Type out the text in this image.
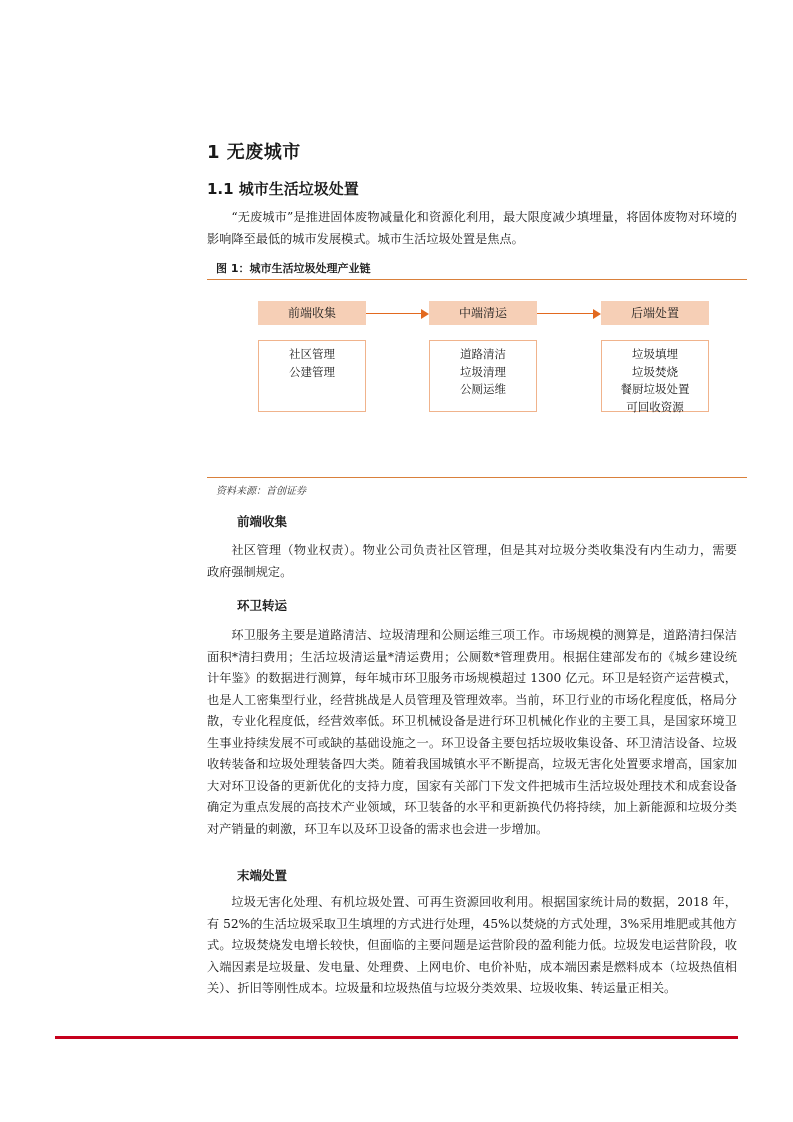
1 无废城市
1.1 城市生活垃圾处置

“无废城市”是推进固体废物减量化和资源化利用，最大限度减少填埋量，将固体废物对环境的影响降至最低的城市发展模式。城市生活垃圾处置是焦点。

图 1：城市生活垃圾处理产业链
前端收集	中端清运	后端处置
社区管理
公建管理
道路清洁
垃圾清理
公厕运维
垃圾填埋
垃圾焚烧
餐厨垃圾处置
可回收资源
资料来源：首创证券
前端收集

社区管理（物业权责）。物业公司负责社区管理，但是其对垃圾分类收集没有内生动力，需要政府强制规定。

环卫转运

环卫服务主要是道路清洁、垃圾清理和公厕运维三项工作。市场规模的测算是，道路清扫保洁面积*清扫费用；生活垃圾清运量*清运费用；公厕数*管理费用。根据住建部发布的《城乡建设统计年鉴》的数据进行测算，每年城市环卫服务市场规模超过 1300 亿元。环卫是轻资产运营模式，也是人工密集型行业，经营挑战是人员管理及管理效率。当前，环卫行业的市场化程度低，格局分散，专业化程度低，经营效率低。环卫机械设备是进行环卫机械化作业的主要工具，是国家环境卫生事业持续发展不可或缺的基础设施之一。环卫设备主要包括垃圾收集设备、环卫清洁设备、垃圾收转装备和垃圾处理装备四大类。随着我国城镇水平不断提高，垃圾无害化处置要求增高，国家加大对环卫设备的更新优化的支持力度，国家有关部门下发文件把城市生活垃圾处理技术和成套设备确定为重点发展的高技术产业领域，环卫装备的水平和更新换代仍将持续，加上新能源和垃圾分类对产销量的刺激，环卫车以及环卫设备的需求也会进一步增加。

末端处置

垃圾无害化处理、有机垃圾处置、可再生资源回收利用。根据国家统计局的数据，2018 年，有 52%的生活垃圾采取卫生填埋的方式进行处理，45%以焚烧的方式处理，3%采用堆肥或其他方式。垃圾焚烧发电增长较快，但面临的主要问题是运营阶段的盈利能力低。垃圾发电运营阶段，收入端因素是垃圾量、发电量、处理费、上网电价、电价补贴，成本端因素是燃料成本（垃圾热值相关）、折旧等刚性成本。垃圾量和垃圾热值与垃圾分类效果、垃圾收集、转运量正相关。
